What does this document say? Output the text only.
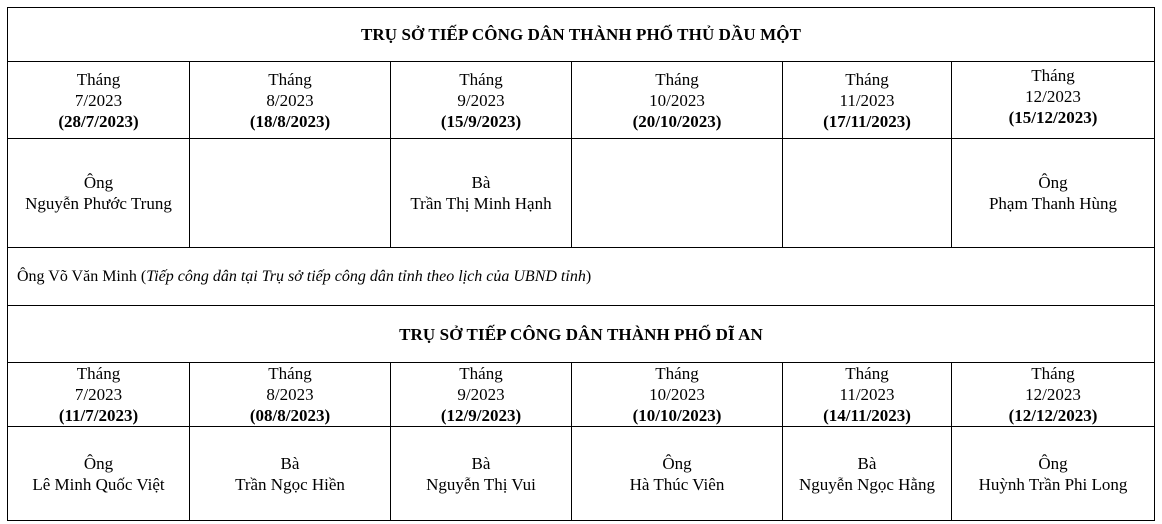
TRỤ SỞ TIẾP CÔNG DÂN THÀNH PHỐ THỦ DẦU MỘT					

Tháng
7/2023
(28/7/2023)	Tháng
8/2023
(18/8/2023)	Tháng
9/2023
(15/9/2023)	Tháng
10/2023
(20/10/2023)	Tháng
11/2023
(17/11/2023)	Tháng
12/2023
(15/12/2023)

Ông
Nguyễn Phước Trung		Bà
Trần Thị Minh Hạnh			Ông
Phạm Thanh Hùng

Ông Võ Văn Minh (Tiếp công dân tại Trụ sở tiếp công dân tỉnh theo lịch của UBND tỉnh)					
TRỤ SỞ TIẾP CÔNG DÂN THÀNH PHỐ DĨ AN					

Tháng
7/2023
(11/7/2023)	Tháng
8/2023
(08/8/2023)	Tháng
9/2023
(12/9/2023)	Tháng
10/2023
(10/10/2023)	Tháng
11/2023
(14/11/2023)	Tháng
12/2023
(12/12/2023)

Ông
Lê Minh Quốc Việt	Bà
Trần Ngọc Hiền	Bà
Nguyễn Thị Vui	Ông
Hà Thúc Viên	Bà
Nguyễn Ngọc Hằng	Ông
Huỳnh Trần Phi Long
